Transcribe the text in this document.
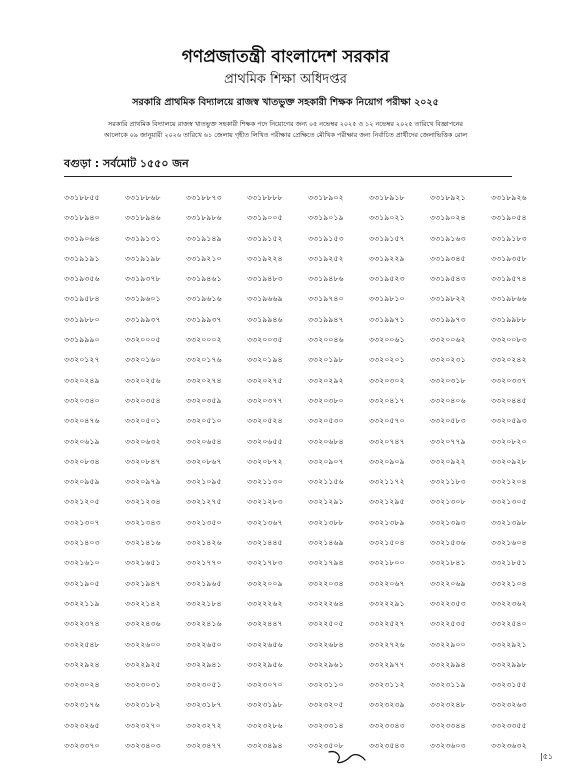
গণপ্রজাতন্ত্রী বাংলাদেশ সরকার
প্রাথমিক শিক্ষা অধিদপ্তর
সরকারি প্রাথমিক বিদ্যালয়ে রাজস্ব খাতভুক্ত সহকারী শিক্ষক নিয়োগ পরীক্ষা ২০২৫
সরকারি প্রাথমিক বিদ্যালয়ে রাজস্ব খাতভুক্ত সহকারী শিক্ষক পদে নিয়োগের জন্য ০৫ নভেম্বর ২০২৫ ও ১২ নভেম্বর ২০২৫ তারিখে বিজ্ঞাপনের
আলোকে ০৯ জানুয়ারী ২০২৬ তারিখে ৬১ জেলায় গৃহীত লিখিত পরীক্ষার প্রেক্ষিতে মৌখিক পরীক্ষার জন্য নির্বাচিত প্রার্থীদের জেলাভিত্তিক রোল
বগুড়া : সর্বমোট ১৫৫০ জন
৩৩১৮৮৫৫	৩৩১৮৮৬৮	৩৩১৮৮৭৩	৩৩১৮৮৮৮	৩৩১৮৯০২	৩৩১৮৯১৮	৩৩১৮৯২১	৩৩১৮৯২৬
৩৩১৮৯৪০	৩৩১৮৯৪৬	৩৩১৮৯৮৬	৩৩১৯০০৫	৩৩১৯০১৯	৩৩১৯০২১	৩৩১৯০২৪	৩৩১৯০৫৪
৩৩১৯০৬৪	৩৩১৯১৩১	৩৩১৯১৪৯	৩৩১৯১৫২	৩৩১৯১৫৩	৩৩১৯১৫৭	৩৩১৯১৬৩	৩৩১৯১৮৩
৩৩১৯১৯১	৩৩১৯১৯৮	৩৩১৯২১০	৩৩১৯২২৪	৩৩১৯২৫২	৩৩১৯২২৯	৩৩১৯৩৪৫	৩৩১৯৩৫৮
৩৩১৯৩৫৬	৩৩১৯৩৭৮	৩৩১৯৪৬১	৩৩১৯৪৮৩	৩৩১৯৪৮৬	৩৩১৯৫২৩	৩৩১৯৫৪৩	৩৩১৯৫৭৪
৩৩১৯৫৮৪	৩৩১৯৬০১	৩৩১৯৬১৬	৩৩১৯৬৬৯	৩৩১৯৭৪০	৩৩১৯৮১০	৩৩১৯৮২২	৩৩১৯৮৬৬
৩৩১৯৮৮০	৩৩১৯৯৩৭	৩৩১৯৯৩৭	৩৩১৯৯৪৬	৩৩১৯৯৪৭	৩৩১৯৯৭১	৩৩১৯৯৭৩	৩৩১৯৯৮৮
৩৩১৯৯৯০	৩৩২০০০৫	৩৩২০০০২	৩৩২০০৩৫	৩৩২০০৪৬	৩৩২০০৬১	৩৩২০০৬২	৩৩২০০৮৩
৩৩২০১২৭	৩৩২০১৬০	৩৩২০১৭৬	৩৩২০১৯৪	৩৩২০১৯৮	৩৩২০২০১	৩৩২০২৩১	৩৩২০২৪২
৩৩২০২৪৯	৩৩২০২৫৬	৩৩২০২৭৪	৩৩২০২৭৫	৩৩২০২৯২	৩৩২০৩০২	৩৩২০৩১৮	৩৩২০৩৩৭
৩৩২০৩৪০	৩৩২০৩৫৪	৩৩২০৩৫৯	৩৩২০৩৭৭	৩৩২০৩৮০	৩৩২০৪১৭	৩৩২০৪০৬	৩৩২০৪৪৫
৩৩২০৪৭৬	৩৩২০৫০১	৩৩২০৫১০	৩৩২০৫২৪	৩৩২০৫৩০	৩৩২০৫৭০	৩৩২০৫৮৩	৩৩২০৫৯৩
৩৩২০৬১৯	৩৩২০৬৩২	৩৩২০৬৫৪	৩৩২০৬৫৫	৩৩২০৬৮৪	৩৩২০৭৪৭	৩৩২০৭৭৯	৩৩২০৮২০
৩৩২০৮৩৪	৩৩২০৮৪৭	৩৩২০৮৬৭	৩৩২০৮৭২	৩৩২০৯০৭	৩৩২০৯০৯	৩৩২০৯২২	৩৩২০৯২৮
৩৩২০৯৫৯	৩৩২০৯৭৯	৩৩২১০৯৫	৩৩২১১৩০	৩৩২১১৫৬	৩৩২১১৭২	৩৩২১১৮৩	৩৩২১২০৪
৩৩২১২০৫	৩৩২১২৩৪	৩৩২১২৭৫	৩৩২১২৮৩	৩৩২১২৯১	৩৩২১২৯৫	৩৩২১৩০৮	৩৩২১৩০৫
৩৩২১৩০৭	৩৩২১৩৪৩	৩৩২১৩৫০	৩৩২১৩৬৭	৩৩২১৩৮৮	৩৩২১৩৮৯	৩৩২১৩৯৩	৩৩২১৩৯৮
৩৩২১৪০৩	৩৩২১৪১৬	৩৩২১৪২৬	৩৩২১৪৪৫	৩৩২১৪৬৯	৩৩২১৫০৪	৩৩২১৫৩৬	৩৩২১৬০৪
৩৩২১৬১০	৩৩২১৬৫১	৩৩২১৭৭০	৩৩২১৭৮৩	৩৩২১৭৯৪	৩৩২১৮০০	৩৩২১৮৪১	৩৩২১৮৫১
৩৩২১৯০৫	৩৩২১৯৪৭	৩৩২১৯৬৫	৩৩২২০০৯	৩৩২২০৩৪	৩৩২২০৬৭	৩৩২২০৬৯	৩৩২২১০৪
৩৩২২১১৯	৩৩২২১৪২	৩৩২২১৮৪	৩৩২২২৬২	৩৩২২২৬৪	৩৩২২২৯১	৩৩২২৩৫৩	৩৩২২৩৬২
৩৩২২৩৭৪	৩৩২২৪৩৬	৩৩২২৪১৬	৩৩২২৪৪৭	৩৩২২৫০৫	৩৩২২৫২৭	৩৩২২৫৩৫	৩৩২২৫৪০
৩৩২২৫৪৮	৩৩২২৬০০	৩৩২২৬৫০	৩৩২২৬৫৬	৩৩২২৬৮৪	৩৩২২৭২৬	৩৩২২৯০০	৩৩২২৯২১
৩৩২২৯২৪	৩৩২২৯২৫	৩৩২২৯৪১	৩৩২২৯৫৬	৩৩২২৯৬১	৩৩২২৯৭৭	৩৩২২৯৯৪	৩৩২২৯৯৮
৩৩২৩০২৪	৩৩২৩০৩১	৩৩২৩০৫১	৩৩২৩০৭০	৩৩২৩১১০	৩৩২৩১১২	৩৩২৩১১৯	৩৩২৩১৫৫
৩৩২৩১৭৬	৩৩২৩১৮২	৩৩২৩১৮৭	৩৩২৩১৯৮	৩৩২৩২০৫	৩৩২৩২৩৯	৩৩২৩২৪৮	৩৩২৩২৬৩
৩৩২৩২৬৫	৩৩২৩২৭০	৩৩২৩২৭২	৩৩২৩২৮৬	৩৩২৩৩১৪	৩৩২৩৩৪৩	৩৩২৩৩৪৪	৩৩২৩৩৫৫
৩৩২৩৩৭০	৩৩২৩৪০৩	৩৩২৩৪৭৭	৩৩২৩৪৯৪	৩৩২৩৫০৮	৩৩২৩৫৪৩	৩৩২৩৬০৩	৩৩২৩৬৩২
|৫১
